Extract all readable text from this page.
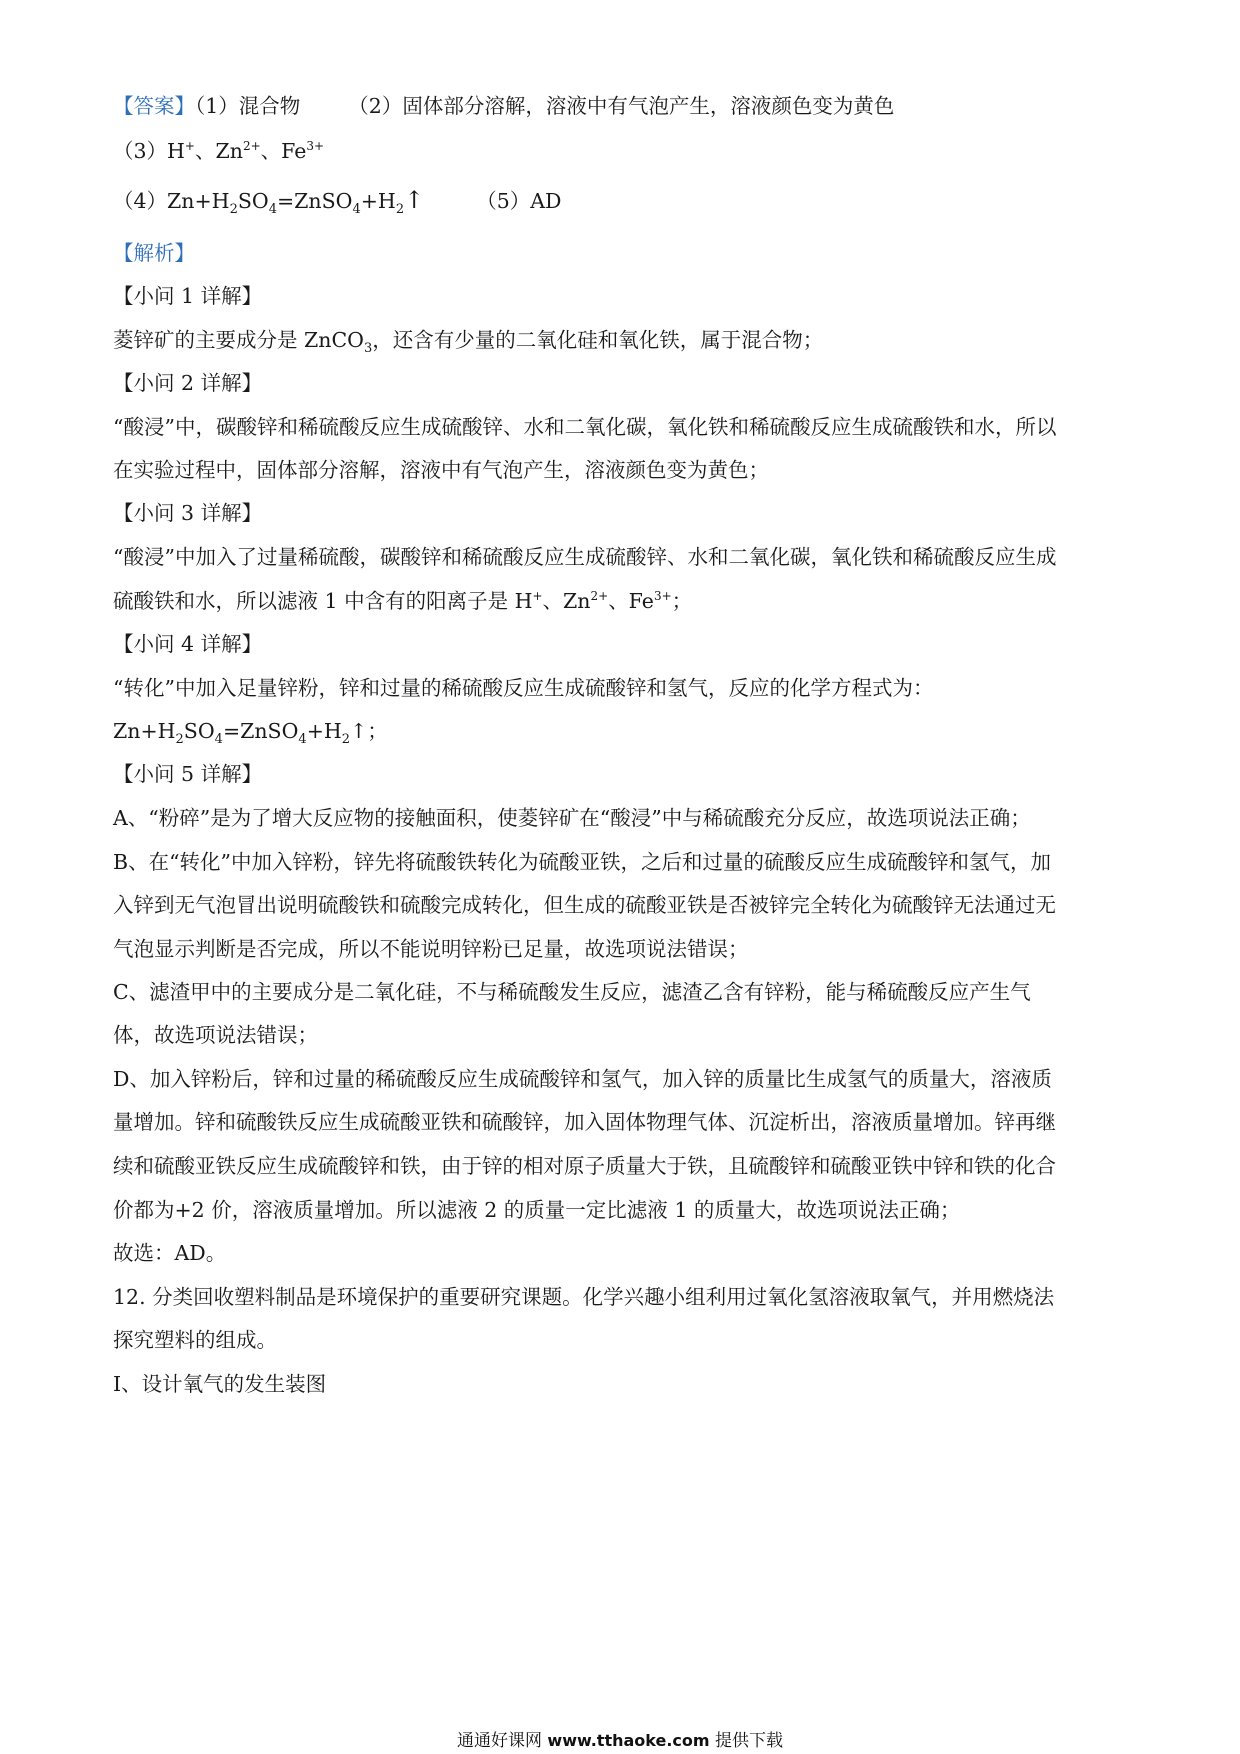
【答案】（1）混合物 （2）固体部分溶解，溶液中有气泡产生，溶液颜色变为黄色
（3）H+、$Zn^{2+}$、$Fe^{3+}$
$(4)Zn+H_2SO_4=ZnSO_4+H_2↑$	（5）AD
【解析】
【小问 1 详解】
菱锌矿的主要成分是 ZnCO$_3$，还含有少量的二氧化硅和氧化铁，属于混合物；
【小问 2 详解】
“酸浸”中，碳酸锌和稀硫酸反应生成硫酸锌、水和二氧化碳，氧化铁和稀硫酸反应生成硫酸铁和水，所以
在实验过程中，固体部分溶解，溶液中有气泡产生，溶液颜色变为黄色；
【小问 3 详解】
“酸浸”中加入了过量稀硫酸，碳酸锌和稀硫酸反应生成硫酸锌、水和二氧化碳，氧化铁和稀硫酸反应生成
硫酸铁和水，所以滤液 1 中含有的阳离子是 H+、$Zn^{2+}$、$Fe^{3+}$；
【小问 4 详解】
“转化”中加入足量锌粉，锌和过量的稀硫酸反应生成硫酸锌和氢气，反应的化学方程式为：
$Zn+H_2SO_4=ZnSO_4+H_2↑$；
【小问 5 详解】
A、“粉碎”是为了增大反应物的接触面积，使菱锌矿在“酸浸”中与稀硫酸充分反应，故选项说法正确；
B、在“转化”中加入锌粉，锌先将硫酸铁转化为硫酸亚铁，之后和过量的硫酸反应生成硫酸锌和氢气，加
入锌到无气泡冒出说明硫酸铁和硫酸完成转化，但生成的硫酸亚铁是否被锌完全转化为硫酸锌无法通过无
气泡显示判断是否完成，所以不能说明锌粉已足量，故选项说法错误；
C、滤渣甲中的主要成分是二氧化硅，不与稀硫酸发生反应，滤渣乙含有锌粉，能与稀硫酸反应产生气
体，故选项说法错误；
D、加入锌粉后，锌和过量的稀硫酸反应生成硫酸锌和氢气，加入锌的质量比生成氢气的质量大，溶液质
量增加。锌和硫酸铁反应生成硫酸亚铁和硫酸锌，加入固体物理气体、沉淀析出，溶液质量增加。锌再继
续和硫酸亚铁反应生成硫酸锌和铁，由于锌的相对原子质量大于铁，且硫酸锌和硫酸亚铁中锌和铁的化合
价都为+2 价，溶液质量增加。所以滤液 2 的质量一定比滤液 1 的质量大，故选项说法正确；
故选：AD。
12. 分类回收塑料制品是环境保护的重要研究课题。化学兴趣小组利用过氧化氢溶液取氧气，并用燃烧法
探究塑料的组成。
I、设计氧气的发生装图
通通好课网 www.tthaoke.com 提供下载
